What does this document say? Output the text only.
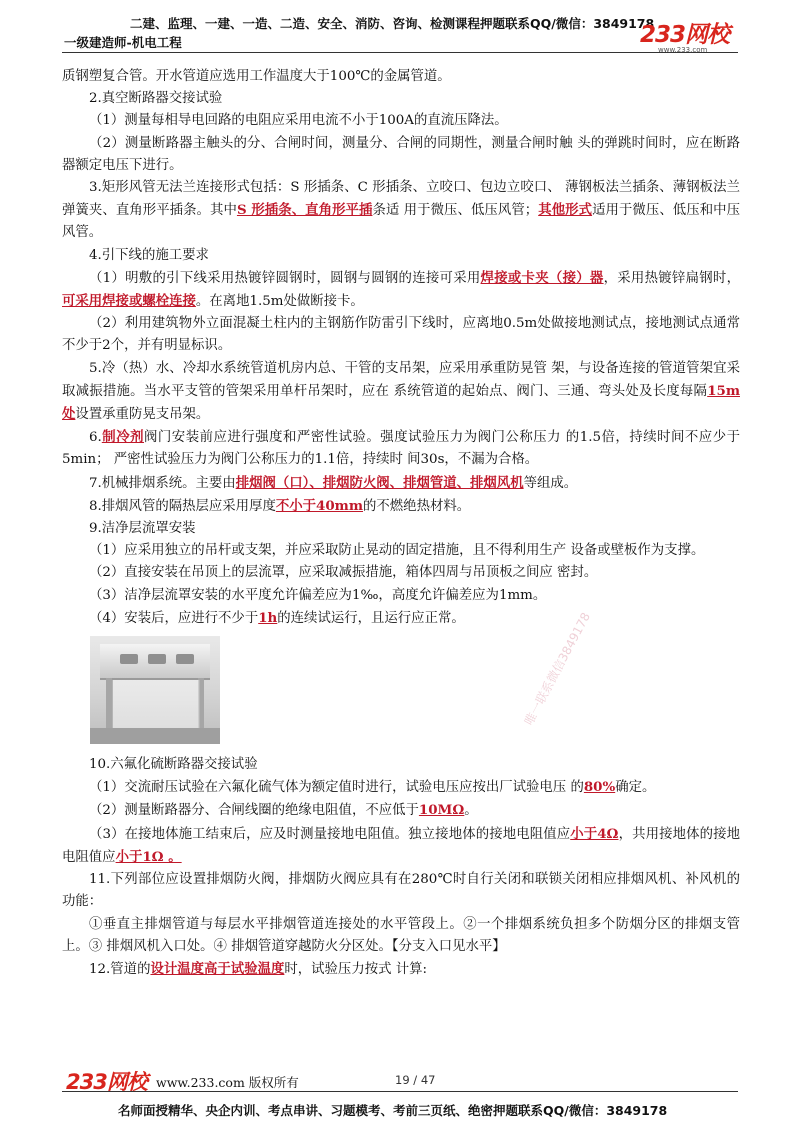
二建、监理、一建、一造、二造、安全、消防、咨询、检测课程押题联系QQ/微信：3849178
一级建造师-机电工程	233网校
www.233.com

质钢塑复合管。开水管道应选用工作温度大于100℃的金属管道。

2.真空断路器交接试验

（1）测量每相导电回路的电阻应采用电流不小于100A的直流压降法。

（2）测量断路器主触头的分、合闸时间，测量分、合闸的同期性，测量合闸时触 头的弹跳时间时，应在断路器额定电压下进行。

3.矩形风管无法兰连接形式包括：S 形插条、C 形插条、立咬口、包边立咬口、 薄钢板法兰插条、薄钢板法兰弹簧夹、直角形平插条。其中S 形插条、直角形平插条适 用于微压、低压风管；其他形式适用于微压、低压和中压风管。

4.引下线的施工要求

（1）明敷的引下线采用热镀锌圆钢时，圆钢与圆钢的连接可采用焊接或卡夹（接）器，采用热镀锌扁钢时，可采用焊接或螺栓连接。在离地1.5m处做断接卡。

（2）利用建筑物外立面混凝土柱内的主钢筋作防雷引下线时，应离地0.5m处做接地测试点，接地测试点通常不少于2个，并有明显标识。

5.冷（热）水、冷却水系统管道机房内总、干管的支吊架，应采用承重防晃管 架，与设备连接的管道管架宜采取减振措施。当水平支管的管架采用单杆吊架时，应在 系统管道的起始点、阀门、三通、弯头处及长度每隔15m处设置承重防晃支吊架。

6.制冷剂阀门安装前应进行强度和严密性试验。强度试验压力为阀门公称压力 的1.5倍，持续时间不应少于5min； 严密性试验压力为阀门公称压力的1.1倍，持续时 间30s，不漏为合格。

7.机械排烟系统。主要由排烟阀（口）、排烟防火阀、排烟管道、排烟风机等组成。

8.排烟风管的隔热层应采用厚度不小于40mm的不燃绝热材料。

9.洁净层流罩安装

（1）应采用独立的吊杆或支架，并应采取防止晃动的固定措施，且不得利用生产 设备或壁板作为支撑。

（2）直接安装在吊顶上的层流罩，应采取减振措施，箱体四周与吊顶板之间应 密封。

（3）洁净层流罩安装的水平度允许偏差应为1‰，高度允许偏差应为1mm。

（4）安装后，应进行不少于1h的连续试运行，且运行应正常。

10.六氟化硫断路器交接试验

（1）交流耐压试验在六氟化硫气体为额定值时进行，试验电压应按出厂试验电压 的80%确定。

（2）测量断路器分、合闸线圈的绝缘电阻值，不应低于10MΩ。

（3）在接地体施工结束后，应及时测量接地电阻值。独立接地体的接地电阻值应小于4Ω，共用接地体的接地电阻值应小于1Ω 。

11.下列部位应设置排烟防火阀，排烟防火阀应具有在280℃时自行关闭和联锁关闭相应排烟风机、补风机的功能：

①垂直主排烟管道与每层水平排烟管道连接处的水平管段上。②一个排烟系统负担多个防烟分区的排烟支管上。③ 排烟风机入口处。④ 排烟管道穿越防火分区处。【分支入口见水平】

12.管道的设计温度高于试验温度时，试验压力按式 计算:

唯一联系微信3849178
233网校 www.233.com 版权所有	19 / 47
名师面授精华、央企内训、考点串讲、习题模考、考前三页纸、绝密押题联系QQ/微信：3849178
